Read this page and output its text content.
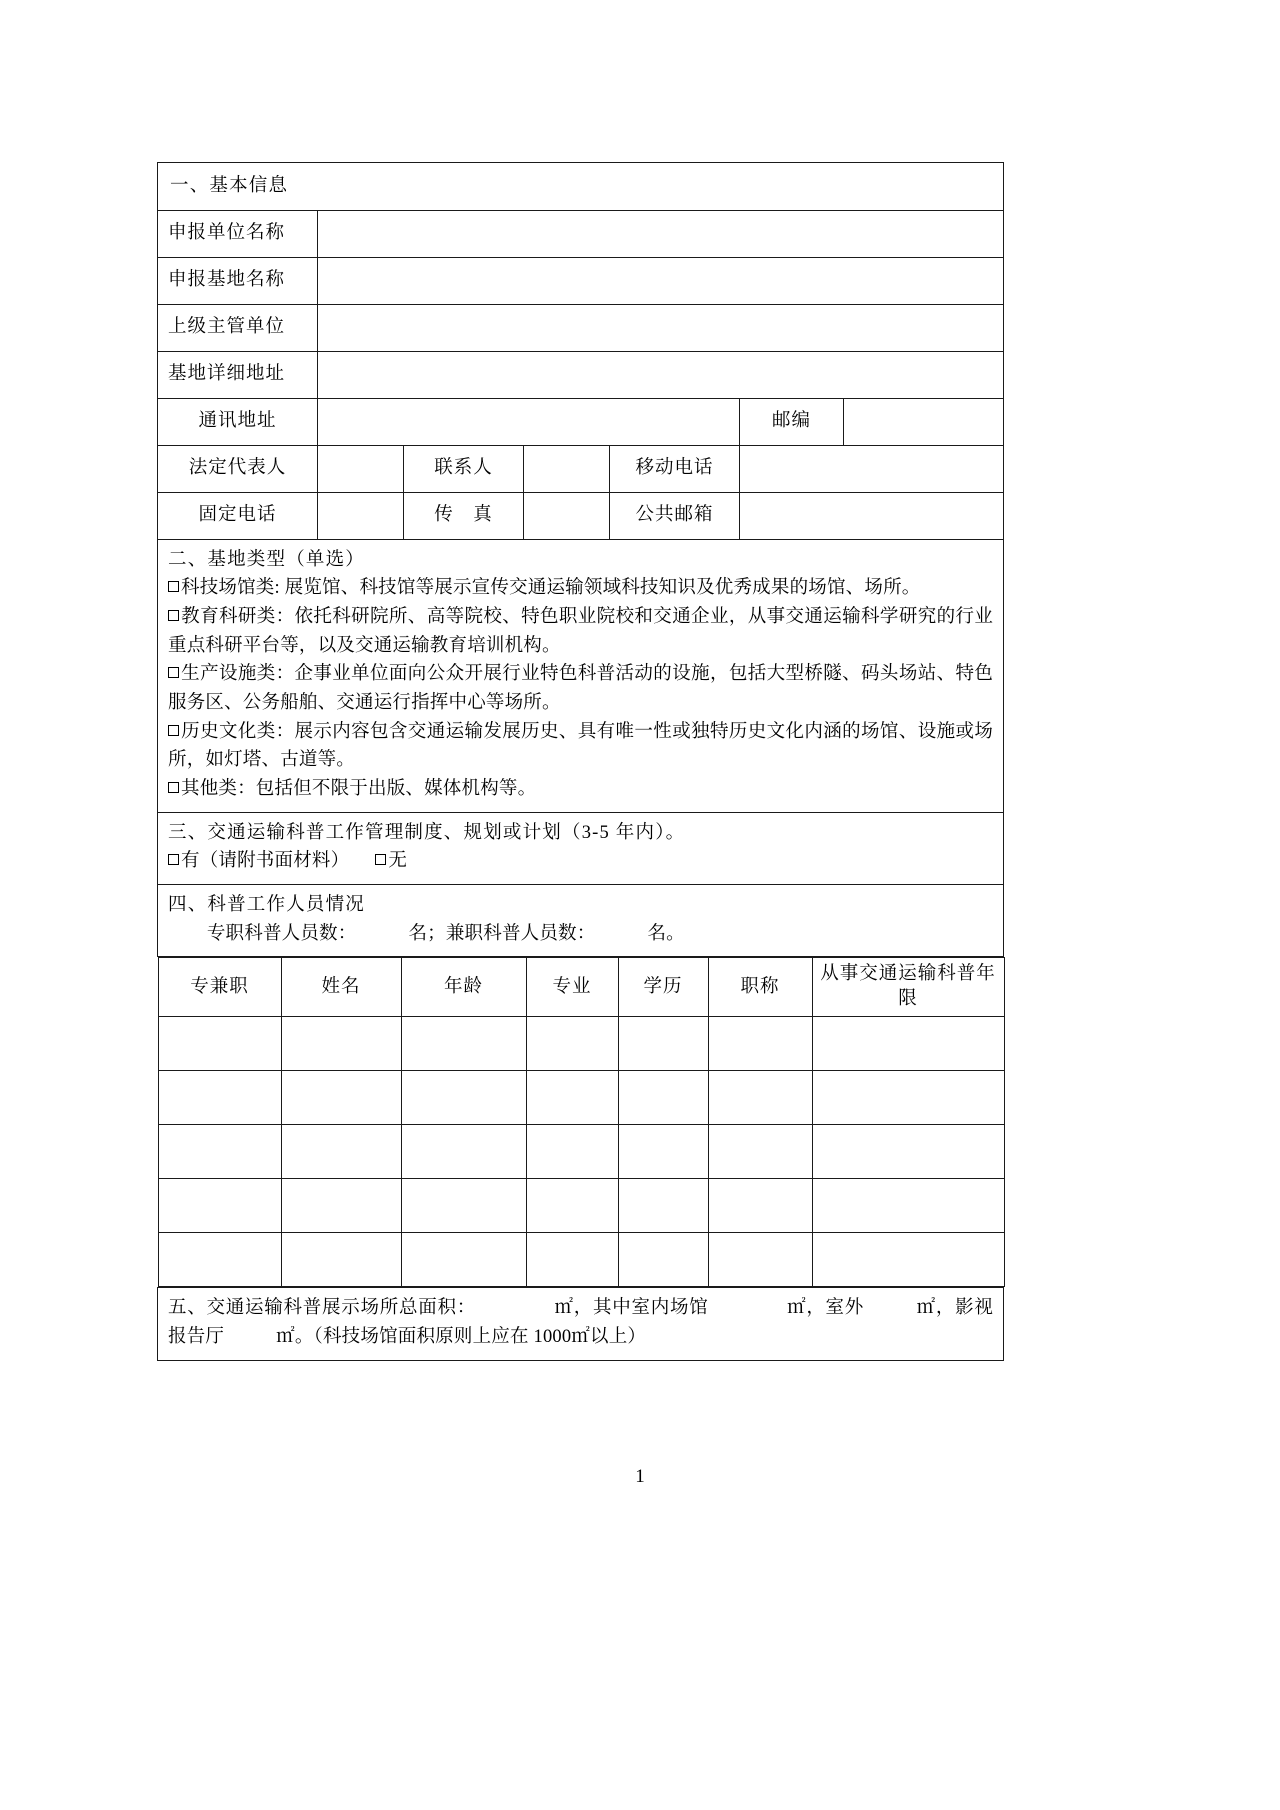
一、基本信息
申报单位名称	
申报基地名称	
上级主管单位	
基地详细地址	
通讯地址		邮编	
法定代表人		联系人		移动电话	
固定电话		传　真		公共邮箱	

二、基地类型（单选）

科技场馆类: 展览馆、科技馆等展示宣传交通运输领域科技知识及优秀成果的场馆、场所。

教育科研类：依托科研院所、高等院校、特色职业院校和交通企业，从事交通运输科学研究的行业重点科研平台等，以及交通运输教育培训机构。

生产设施类：企事业单位面向公众开展行业特色科普活动的设施，包括大型桥隧、码头场站、特色服务区、公务船舶、交通运行指挥中心等场所。

历史文化类：展示内容包含交通运输发展历史、具有唯一性或独特历史文化内涵的场馆、设施或场所，如灯塔、古道等。

其他类：包括但不限于出版、媒体机构等。

三、交通运输科普工作管理制度、规划或计划（3-5 年内）。

有（请附书面材料） 无

四、科普工作人员情况

专职科普人员数：	名；兼职科普人员数：	名。

专兼职	姓名	年龄	专业	学历	职称	从事交通运输科普年限

五、交通运输科普展示场所总面积：	㎡，其中室内场馆	㎡，室外	㎡，影视报告厅	㎡。（科技场馆面积原则上应在 1000㎡以上）

1
